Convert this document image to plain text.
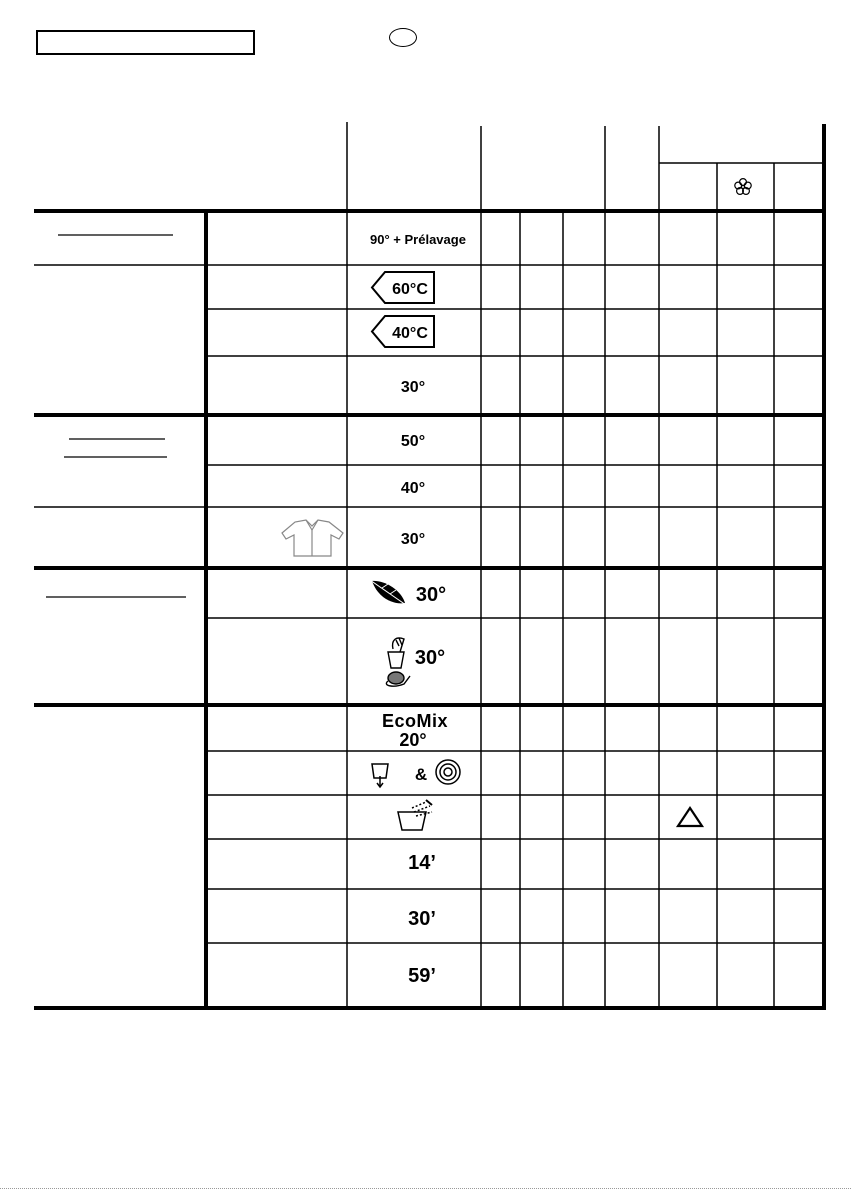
90° + Prélavage
60°C
40°C
30°
50°
40°
30°
30°
30°
EcoMix
20°
&
14’
30’
59’
